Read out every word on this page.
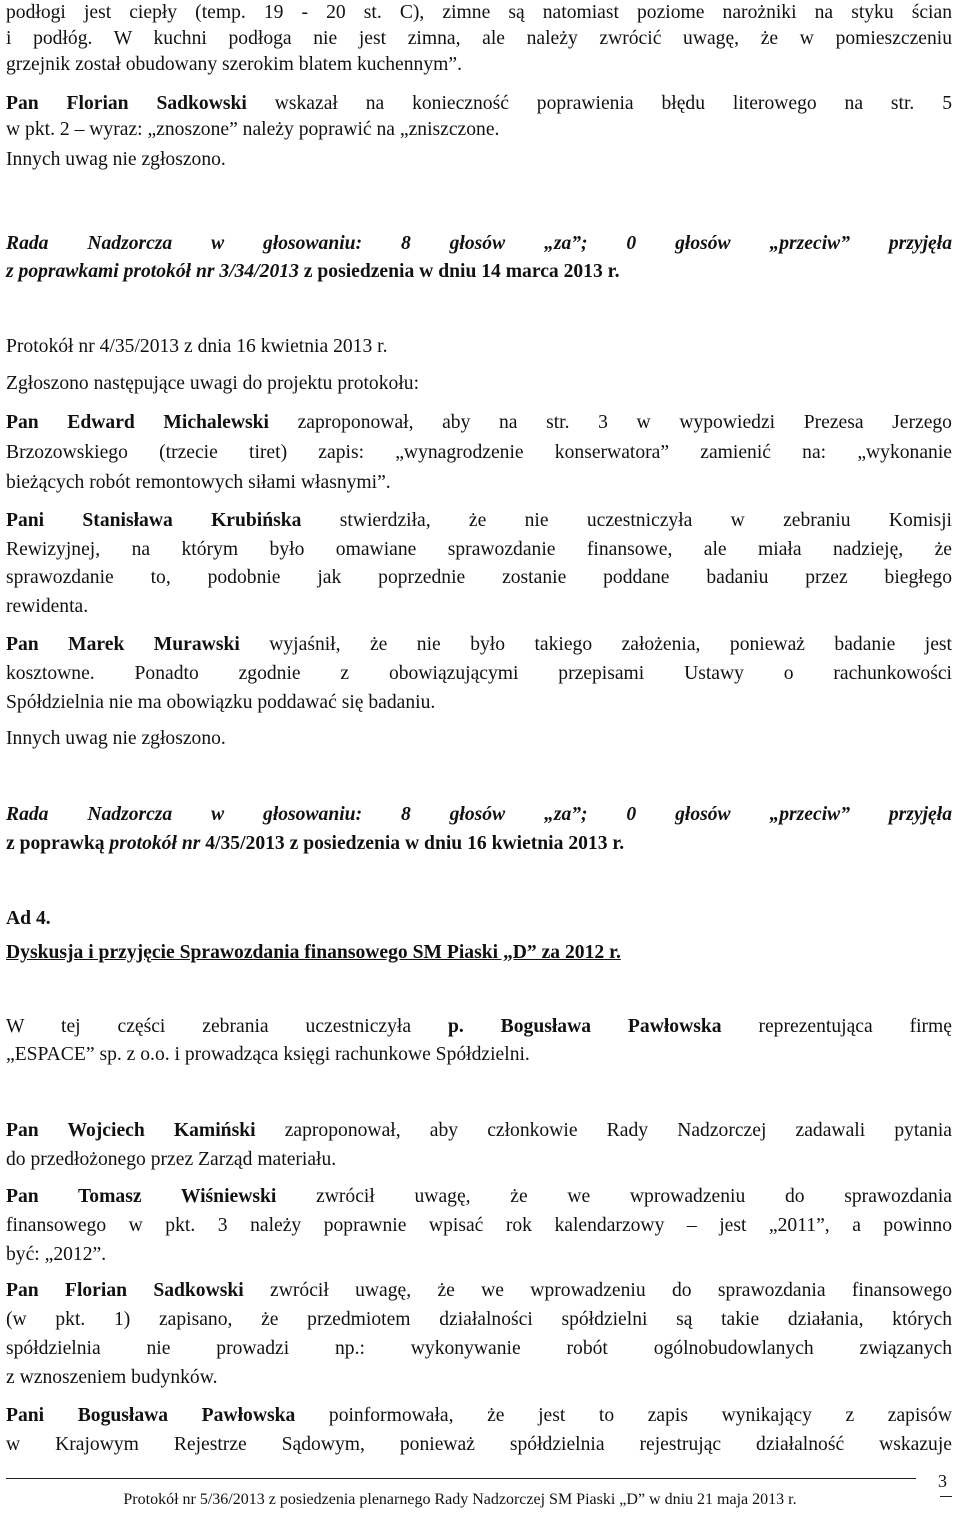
podłogi jest ciepły (temp. 19 - 20 st. C), zimne są natomiast poziome narożniki na styku ścian
i podłóg. W kuchni podłoga nie jest zimna, ale należy zwrócić uwagę, że w pomieszczeniu
grzejnik został obudowany szerokim blatem kuchennym”.
Pan Florian Sadkowski wskazał na konieczność poprawienia błędu literowego na str. 5
w pkt. 2 – wyraz: „znoszone” należy poprawić na „zniszczone.
Innych uwag nie zgłoszono.
Rada Nadzorcza w głosowaniu: 8 głosów „za”; 0 głosów „przeciw” przyjęła
z poprawkami protokół nr 3/34/2013 z posiedzenia w dniu 14 marca 2013 r.
Protokół nr 4/35/2013 z dnia 16 kwietnia 2013 r.
Zgłoszono następujące uwagi do projektu protokołu:
Pan Edward Michalewski zaproponował, aby na str. 3 w wypowiedzi Prezesa Jerzego
Brzozowskiego (trzecie tiret) zapis: „wynagrodzenie konserwatora” zamienić na: „wykonanie
bieżących robót remontowych siłami własnymi”.
Pani Stanisława Krubińska stwierdziła, że nie uczestniczyła w zebraniu Komisji
Rewizyjnej, na którym było omawiane sprawozdanie finansowe, ale miała nadzieję, że
sprawozdanie to, podobnie jak poprzednie zostanie poddane badaniu przez biegłego
rewidenta.
Pan Marek Murawski wyjaśnił, że nie było takiego założenia, ponieważ badanie jest
kosztowne. Ponadto zgodnie z obowiązującymi przepisami Ustawy o rachunkowości
Spółdzielnia nie ma obowiązku poddawać się badaniu.
Innych uwag nie zgłoszono.
Rada Nadzorcza w głosowaniu: 8 głosów „za”; 0 głosów „przeciw” przyjęła
z poprawką protokół nr 4/35/2013 z posiedzenia w dniu 16 kwietnia 2013 r.
Ad 4.
Dyskusja i przyjęcie Sprawozdania finansowego SM Piaski „D” za 2012 r.
W tej części zebrania uczestniczyła p. Bogusława Pawłowska reprezentująca firmę
„ESPACE” sp. z o.o. i prowadząca księgi rachunkowe Spółdzielni.
Pan Wojciech Kamiński zaproponował, aby członkowie Rady Nadzorczej zadawali pytania
do przedłożonego przez Zarząd materiału.
Pan Tomasz Wiśniewski zwrócił uwagę, że we wprowadzeniu do sprawozdania
finansowego w pkt. 3 należy poprawnie wpisać rok kalendarzowy – jest „2011”, a powinno
być: „2012”.
Pan Florian Sadkowski zwrócił uwagę, że we wprowadzeniu do sprawozdania finansowego
(w pkt. 1) zapisano, że przedmiotem działalności spółdzielni są takie działania, których
spółdzielnia nie prowadzi np.: wykonywanie robót ogólnobudowlanych związanych
z wznoszeniem budynków.
Pani Bogusława Pawłowska poinformowała, że jest to zapis wynikający z zapisów
w Krajowym Rejestrze Sądowym, ponieważ spółdzielnia rejestrując działalność wskazuje
Protokół nr 5/36/2013 z posiedzenia plenarnego Rady Nadzorczej SM Piaski „D” w dniu 21 maja 2013 r.
3
